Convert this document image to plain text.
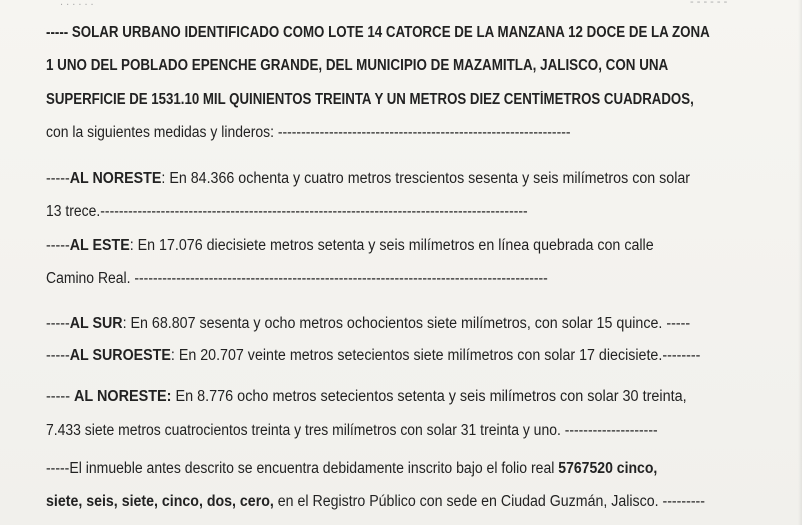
. . . . . .	- - - - - -
----- SOLAR URBANO IDENTIFICADO COMO LOTE 14 CATORCE DE LA MANZANA 12 DOCE DE LA ZONA
1 UNO DEL POBLADO EPENCHE GRANDE, DEL MUNICIPIO DE MAZAMITLA, JALISCO, CON UNA
SUPERFICIE DE 1531.10 MIL QUINIENTOS TREINTA Y UN METROS DIEZ CENTÍMETROS CUADRADOS,
con la siguientes medidas y linderos: ---------------------------------------------------------------
-----AL NORESTE: En 84.366 ochenta y cuatro metros trescientos sesenta y seis milímetros con solar
13 trece.--------------------------------------------------------------------------------------------
-----AL ESTE: En 17.076 diecisiete metros setenta y seis milímetros en línea quebrada con calle
Camino Real. -----------------------------------------------------------------------------------------
-----AL SUR: En 68.807 sesenta y ocho metros ochocientos siete milímetros, con solar 15 quince. -----
-----AL SUROESTE: En 20.707 veinte metros setecientos siete milímetros con solar 17 diecisiete.--------
----- AL NORESTE: En 8.776 ocho metros setecientos setenta y seis milímetros con solar 30 treinta,
7.433 siete metros cuatrocientos treinta y tres milímetros con solar 31 treinta y uno. --------------------
-----El inmueble antes descrito se encuentra debidamente inscrito bajo el folio real 5767520 cinco,
siete, seis, siete, cinco, dos, cero, en el Registro Público con sede en Ciudad Guzmán, Jalisco. ---------
